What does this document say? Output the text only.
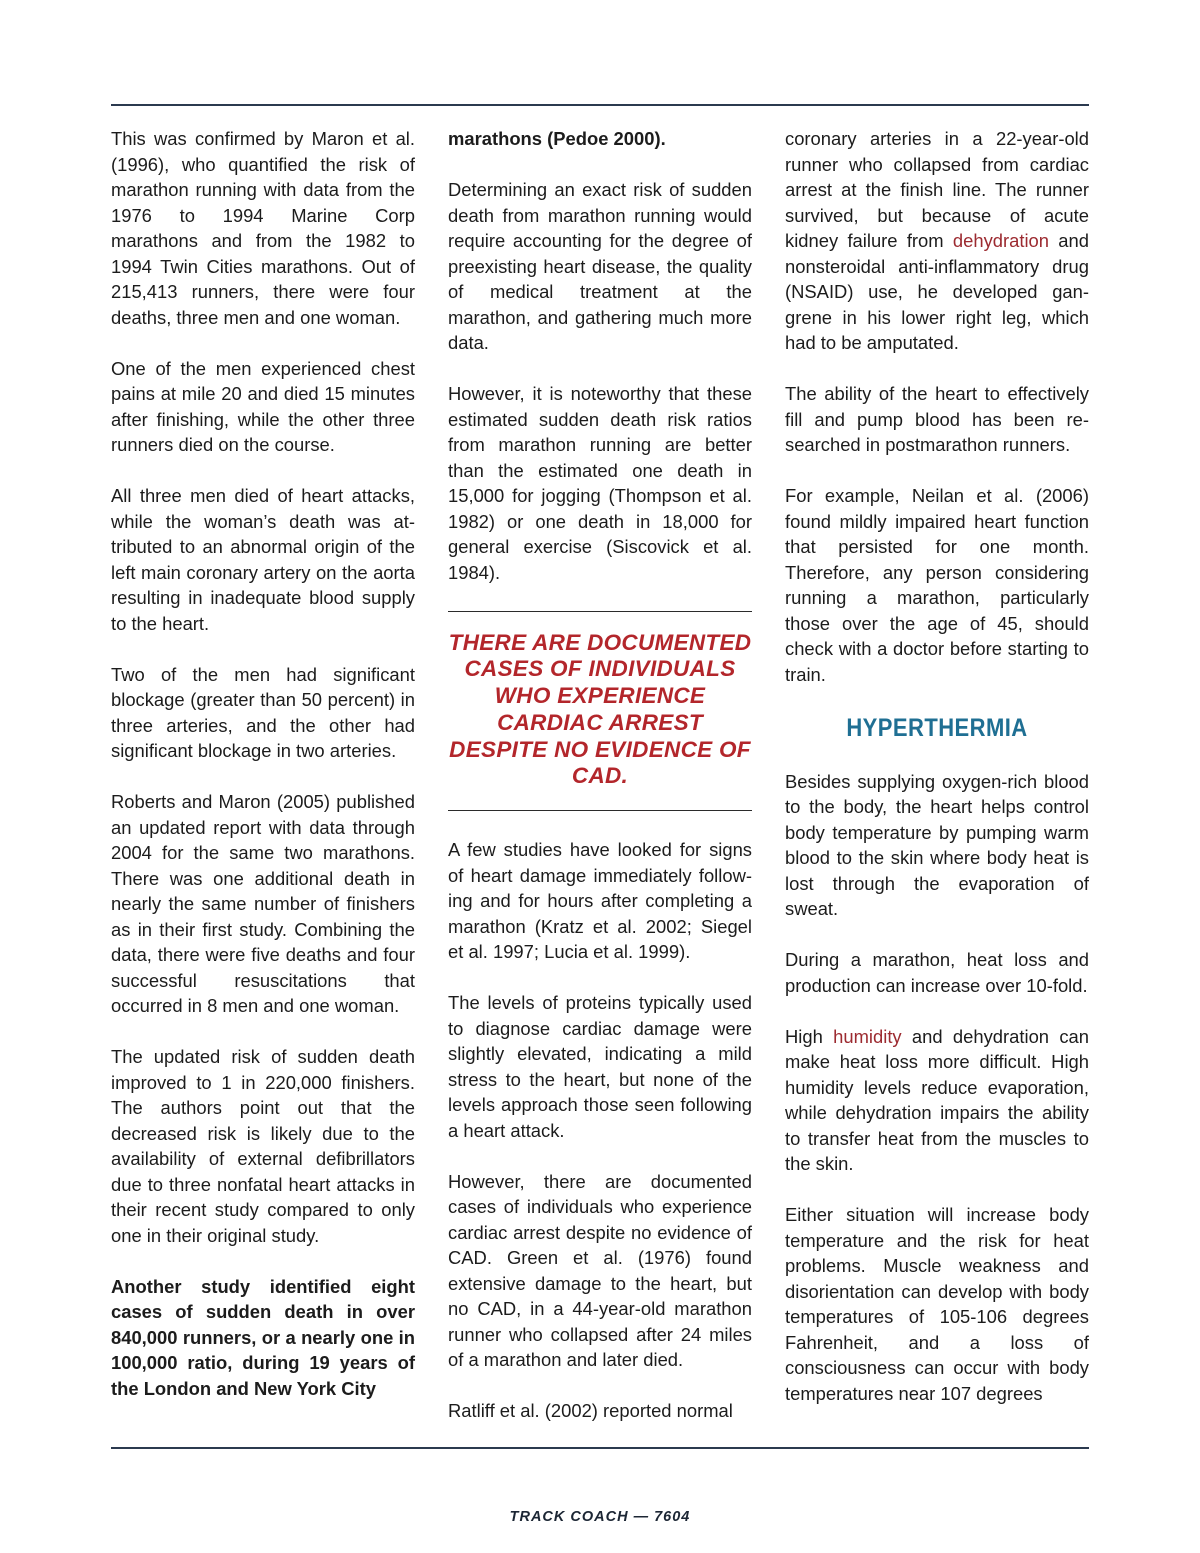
This was confirmed by Maron et al. (1996), who quantified the risk of marathon running with data from the 1976 to 1994 Marine Corp marathons and from the 1982 to 1994 Twin Cities marathons. Out of 215,413 runners, there were four deaths, three men and one woman.

One of the men experienced chest pains at mile 20 and died 15 minutes after finishing, while the other three runners died on the course.

All three men died of heart attacks, while the woman’s death was attributed to an abnormal origin of the left main coronary artery on the aorta resulting in inadequate blood supply to the heart.

Two of the men had significant blockage (greater than 50 percent) in three arteries, and the other had significant blockage in two arteries.

Roberts and Maron (2005) published an updated report with data through 2004 for the same two marathons. There was one additional death in nearly the same number of finishers as in their first study. Combining the data, there were five deaths and four successful resuscitations that occurred in 8 men and one woman.

The updated risk of sudden death improved to 1 in 220,000 finishers. The authors point out that the decreased risk is likely due to the availability of external defibrillators due to three nonfatal heart attacks in their recent study compared to only one in their original study.

Another study identified eight cases of sudden death in over 840,000 runners, or a nearly one in 100,000 ratio, during 19 years of the London and New York City

marathons (Pedoe 2000).

Determining an exact risk of sudden death from marathon running would require accounting for the degree of preexisting heart disease, the quality of medical treatment at the marathon, and gathering much more data.

However, it is noteworthy that these estimated sudden death risk ratios from marathon running are better than the estimated one death in 15,000 for jogging (Thompson et al. 1982) or one death in 18,000 for general exercise (Siscovick et al. 1984).

THERE ARE DOCUMENTED CASES OF INDIVIDUALS WHO EXPERIENCE CARDIAC ARREST DESPITE NO EVIDENCE OF CAD.

A few studies have looked for signs of heart damage immediately following and for hours after completing a marathon (Kratz et al. 2002; Siegel et al. 1997; Lucia et al. 1999).

The levels of proteins typically used to diagnose cardiac damage were slightly elevated, indicating a mild stress to the heart, but none of the levels approach those seen following a heart attack.

However, there are documented cases of individuals who experience cardiac arrest despite no evidence of CAD. Green et al. (1976) found extensive damage to the heart, but no CAD, in a 44-year-old marathon runner who collapsed after 24 miles of a marathon and later died.

Ratliff et al. (2002) reported normal

coronary arteries in a 22-year-old runner who collapsed from cardiac arrest at the finish line. The runner survived, but because of acute kidney failure from dehydration and nonsteroidal anti-inflammatory drug (NSAID) use, he developed gangrene in his lower right leg, which had to be amputated.

The ability of the heart to effectively fill and pump blood has been researched in postmarathon runners.

For example, Neilan et al. (2006) found mildly impaired heart function that persisted for one month. Therefore, any person considering running a marathon, particularly those over the age of 45, should check with a doctor before starting to train.

HYPERTHERMIA

Besides supplying oxygen-rich blood to the body, the heart helps control body temperature by pumping warm blood to the skin where body heat is lost through the evaporation of sweat.

During a marathon, heat loss and production can increase over 10-fold.

High humidity and dehydration can make heat loss more difficult. High humidity levels reduce evaporation, while dehydration impairs the ability to transfer heat from the muscles to the skin.

Either situation will increase body temperature and the risk for heat problems. Muscle weakness and disorientation can develop with body temperatures of 105-106 degrees Fahrenheit, and a loss of consciousness can occur with body temperatures near 107 degrees

TRACK COACH — 7604
